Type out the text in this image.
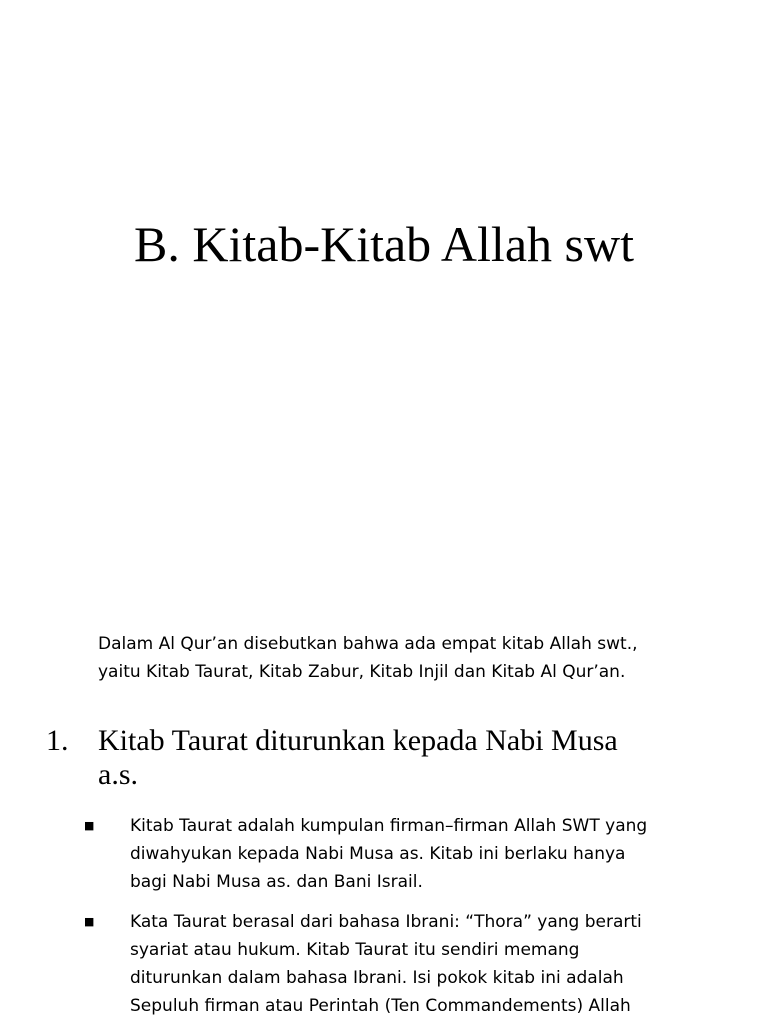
B. Kitab-Kitab Allah swt

Dalam Al Qur’an disebutkan bahwa ada empat kitab Allah swt.,
yaitu Kitab Taurat, Kitab Zabur, Kitab Injil dan Kitab Al Qur’an.

1. Kitab Taurat diturunkan kepada Nabi Musa
a.s.
■	Kitab Taurat adalah kumpulan firman–firman Allah SWT yang
diwahyukan kepada Nabi Musa as. Kitab ini berlaku hanya
bagi Nabi Musa as. dan Bani Israil.
■	Kata Taurat berasal dari bahasa Ibrani: “Thora” yang berarti
syariat atau hukum. Kitab Taurat itu sendiri memang
diturunkan dalam bahasa Ibrani. Isi pokok kitab ini adalah
Sepuluh firman atau Perintah (Ten Commandements) Allah
